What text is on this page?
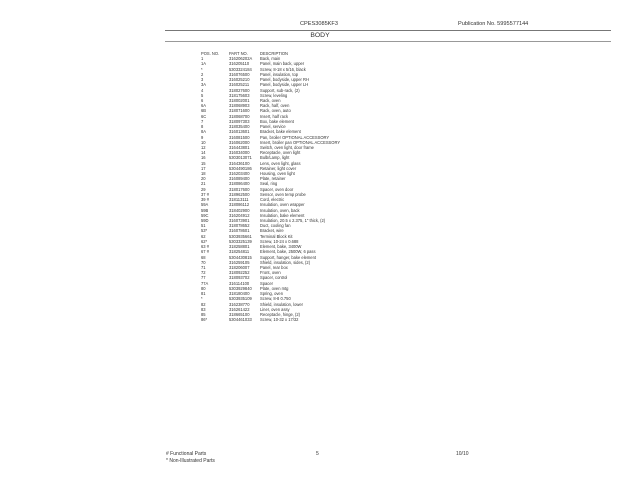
CPES3085KF3	Publication No. 5995577144
BODY
POS. NO.	PART NO.	DESCRIPTION
1	316206202A	Back, main
1A	316205110	Panel, main back, upper
*	5303324184	Screw, 8-18 x 5/16, black
2	316076500	Panel, insulation, top
3	316025210	Panel, bodyside, upper RH
3A	316025211	Panel, bodyside, upper LH
4	318027600	Support, sub-rack, (2)
5	318175603	Screw, leveling
6	318002001	Rack, oven
6A	318068903	Rack, half, oven
6B	318071600	Rack, oven, auto
6C	318068700	Insert, half rack
7	318097303	Box, bake element
8	318035400	Panel, service
8A	316013601	Bracket, bake element
9	316081500	Pan, broiler OPTIONAL ACCESSORY
10	316062000	Insert, broiler pan OPTIONAL ACCESSORY
12	316443801	Switch, oven light, door frame
14	316034000	Receptacle, oven light
16	5303013071	Bulb/Lamp, light
15	316436100	Lens, oven light, glass
17	5304490186	Retainer, light cover
18	316203400	Housing, oven light
20	316089400	Plate, retainer
21	318086400	Seal, ring
29	318017600	Spacer, oven door
37 #	318962500	Sensor, oven temp probe
39 #	318113111	Cord, electric
59A	318086112	Insulation, oven wrapper
59B	318402900	Insulation, oven, back
59C	316204912	Insulation, bake element
59D	316073901	Insulation, 20.5 x 2.375, 1" thick, (2)
51	318078652	Duct, cooling fan
53*	316078601	Bracket, wire
62	5303935661	Terminal Block Kit
62*	5303325139	Screw, 10-24 x 0.688
63 #	318258801	Element, bake, 3400W
67 #	318254811	Element, bake, 2500W, 6 pass
68	5304430815	Support, hanger, bake element
70	316259105	Shield, insulation, sides, (2)
71	318206007	Panel, rear box
72	318092252	Front, oven
77	318093702	Spacer, control
77A	316114100	Spacer
80	5303929840	Plate, oven mtg
81	318180400	Spring, oven
*	5303935109	Screw, 8-8 0.750
82	316238770	Shield, insulation, lower
83	316261422	Liner, oven assy
85	318665100	Receptacle, hinge, (2)
86*	5304461033	Screw, 10-32 x 17/32
# Functional Parts
* Non-Illustrated Parts
5	10/10
